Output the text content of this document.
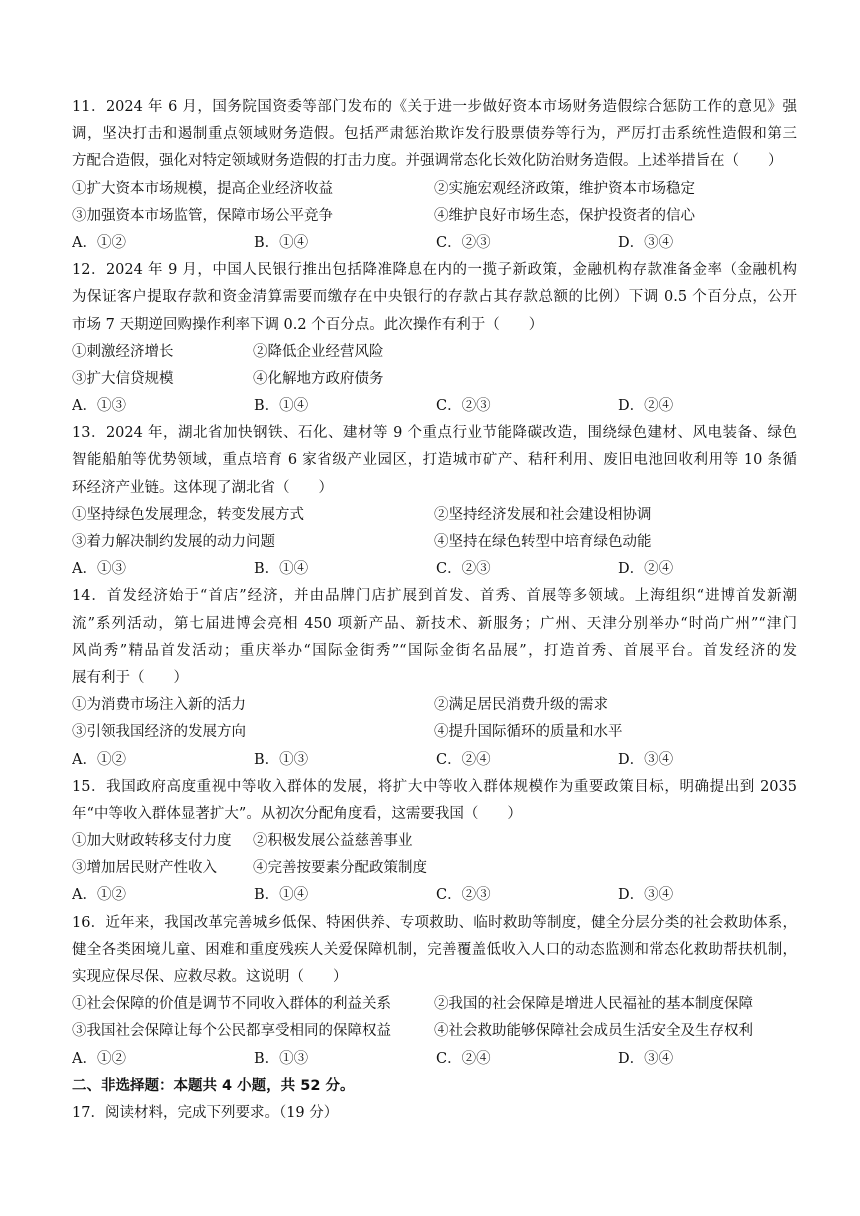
11．2024 年 6 月，国务院国资委等部门发布的《关于进一步做好资本市场财务造假综合惩防工作的意见》强
调，坚决打击和遏制重点领域财务造假。包括严肃惩治欺诈发行股票债券等行为，严厉打击系统性造假和第三
方配合造假，强化对特定领域财务造假的打击力度。并强调常态化长效化防治财务造假。上述举措旨在（　　）
①扩大资本市场规模，提高企业经济收益	②实施宏观经济政策，维护资本市场稳定
③加强资本市场监管，保障市场公平竞争	④维护良好市场生态，保护投资者的信心
A．①②	B．①④	C．②③	D．③④
12．2024 年 9 月，中国人民银行推出包括降准降息在内的一揽子新政策，金融机构存款准备金率（金融机构
为保证客户提取存款和资金清算需要而缴存在中央银行的存款占其存款总额的比例）下调 0.5 个百分点，公开
市场 7 天期逆回购操作利率下调 0.2 个百分点。此次操作有利于（　　）
①刺激经济增长	②降低企业经营风险
③扩大信贷规模	④化解地方政府债务
A．①③	B．①④	C．②③	D．②④
13．2024 年，湖北省加快钢铁、石化、建材等 9 个重点行业节能降碳改造，围绕绿色建材、风电装备、绿色
智能船舶等优势领域，重点培育 6 家省级产业园区，打造城市矿产、秸秆利用、废旧电池回收利用等 10 条循
环经济产业链。这体现了湖北省（　　）
①坚持绿色发展理念，转变发展方式	②坚持经济发展和社会建设相协调
③着力解决制约发展的动力问题	④坚持在绿色转型中培育绿色动能
A．①③	B．①④	C．②③	D．②④
14．首发经济始于“首店”经济，并由品牌门店扩展到首发、首秀、首展等多领域。上海组织“进博首发新潮
流”系列活动，第七届进博会亮相 450 项新产品、新技术、新服务；广州、天津分别举办“时尚广州”“津门
风尚秀”精品首发活动；重庆举办“国际金街秀”“国际金街名品展”，打造首秀、首展平台。首发经济的发
展有利于（　　）
①为消费市场注入新的活力	②满足居民消费升级的需求
③引领我国经济的发展方向	④提升国际循环的质量和水平
A．①②	B．①③	C．②④	D．③④
15．我国政府高度重视中等收入群体的发展，将扩大中等收入群体规模作为重要政策目标，明确提出到 2035
年“中等收入群体显著扩大”。从初次分配角度看，这需要我国（　　）
①加大财政转移支付力度	②积极发展公益慈善事业
③增加居民财产性收入	④完善按要素分配政策制度
A．①②	B．①④	C．②③	D．③④
16．近年来，我国改革完善城乡低保、特困供养、专项救助、临时救助等制度，健全分层分类的社会救助体系，
健全各类困境儿童、困难和重度残疾人关爱保障机制，完善覆盖低收入人口的动态监测和常态化救助帮扶机制，
实现应保尽保、应救尽救。这说明（　　）
①社会保障的价值是调节不同收入群体的利益关系	②我国的社会保障是增进人民福祉的基本制度保障
③我国社会保障让每个公民都享受相同的保障权益	④社会救助能够保障社会成员生活安全及生存权利
A．①②	B．①③	C．②④	D．③④
二、非选择题：本题共 4 小题，共 52 分。
17．阅读材料，完成下列要求。（19 分）
